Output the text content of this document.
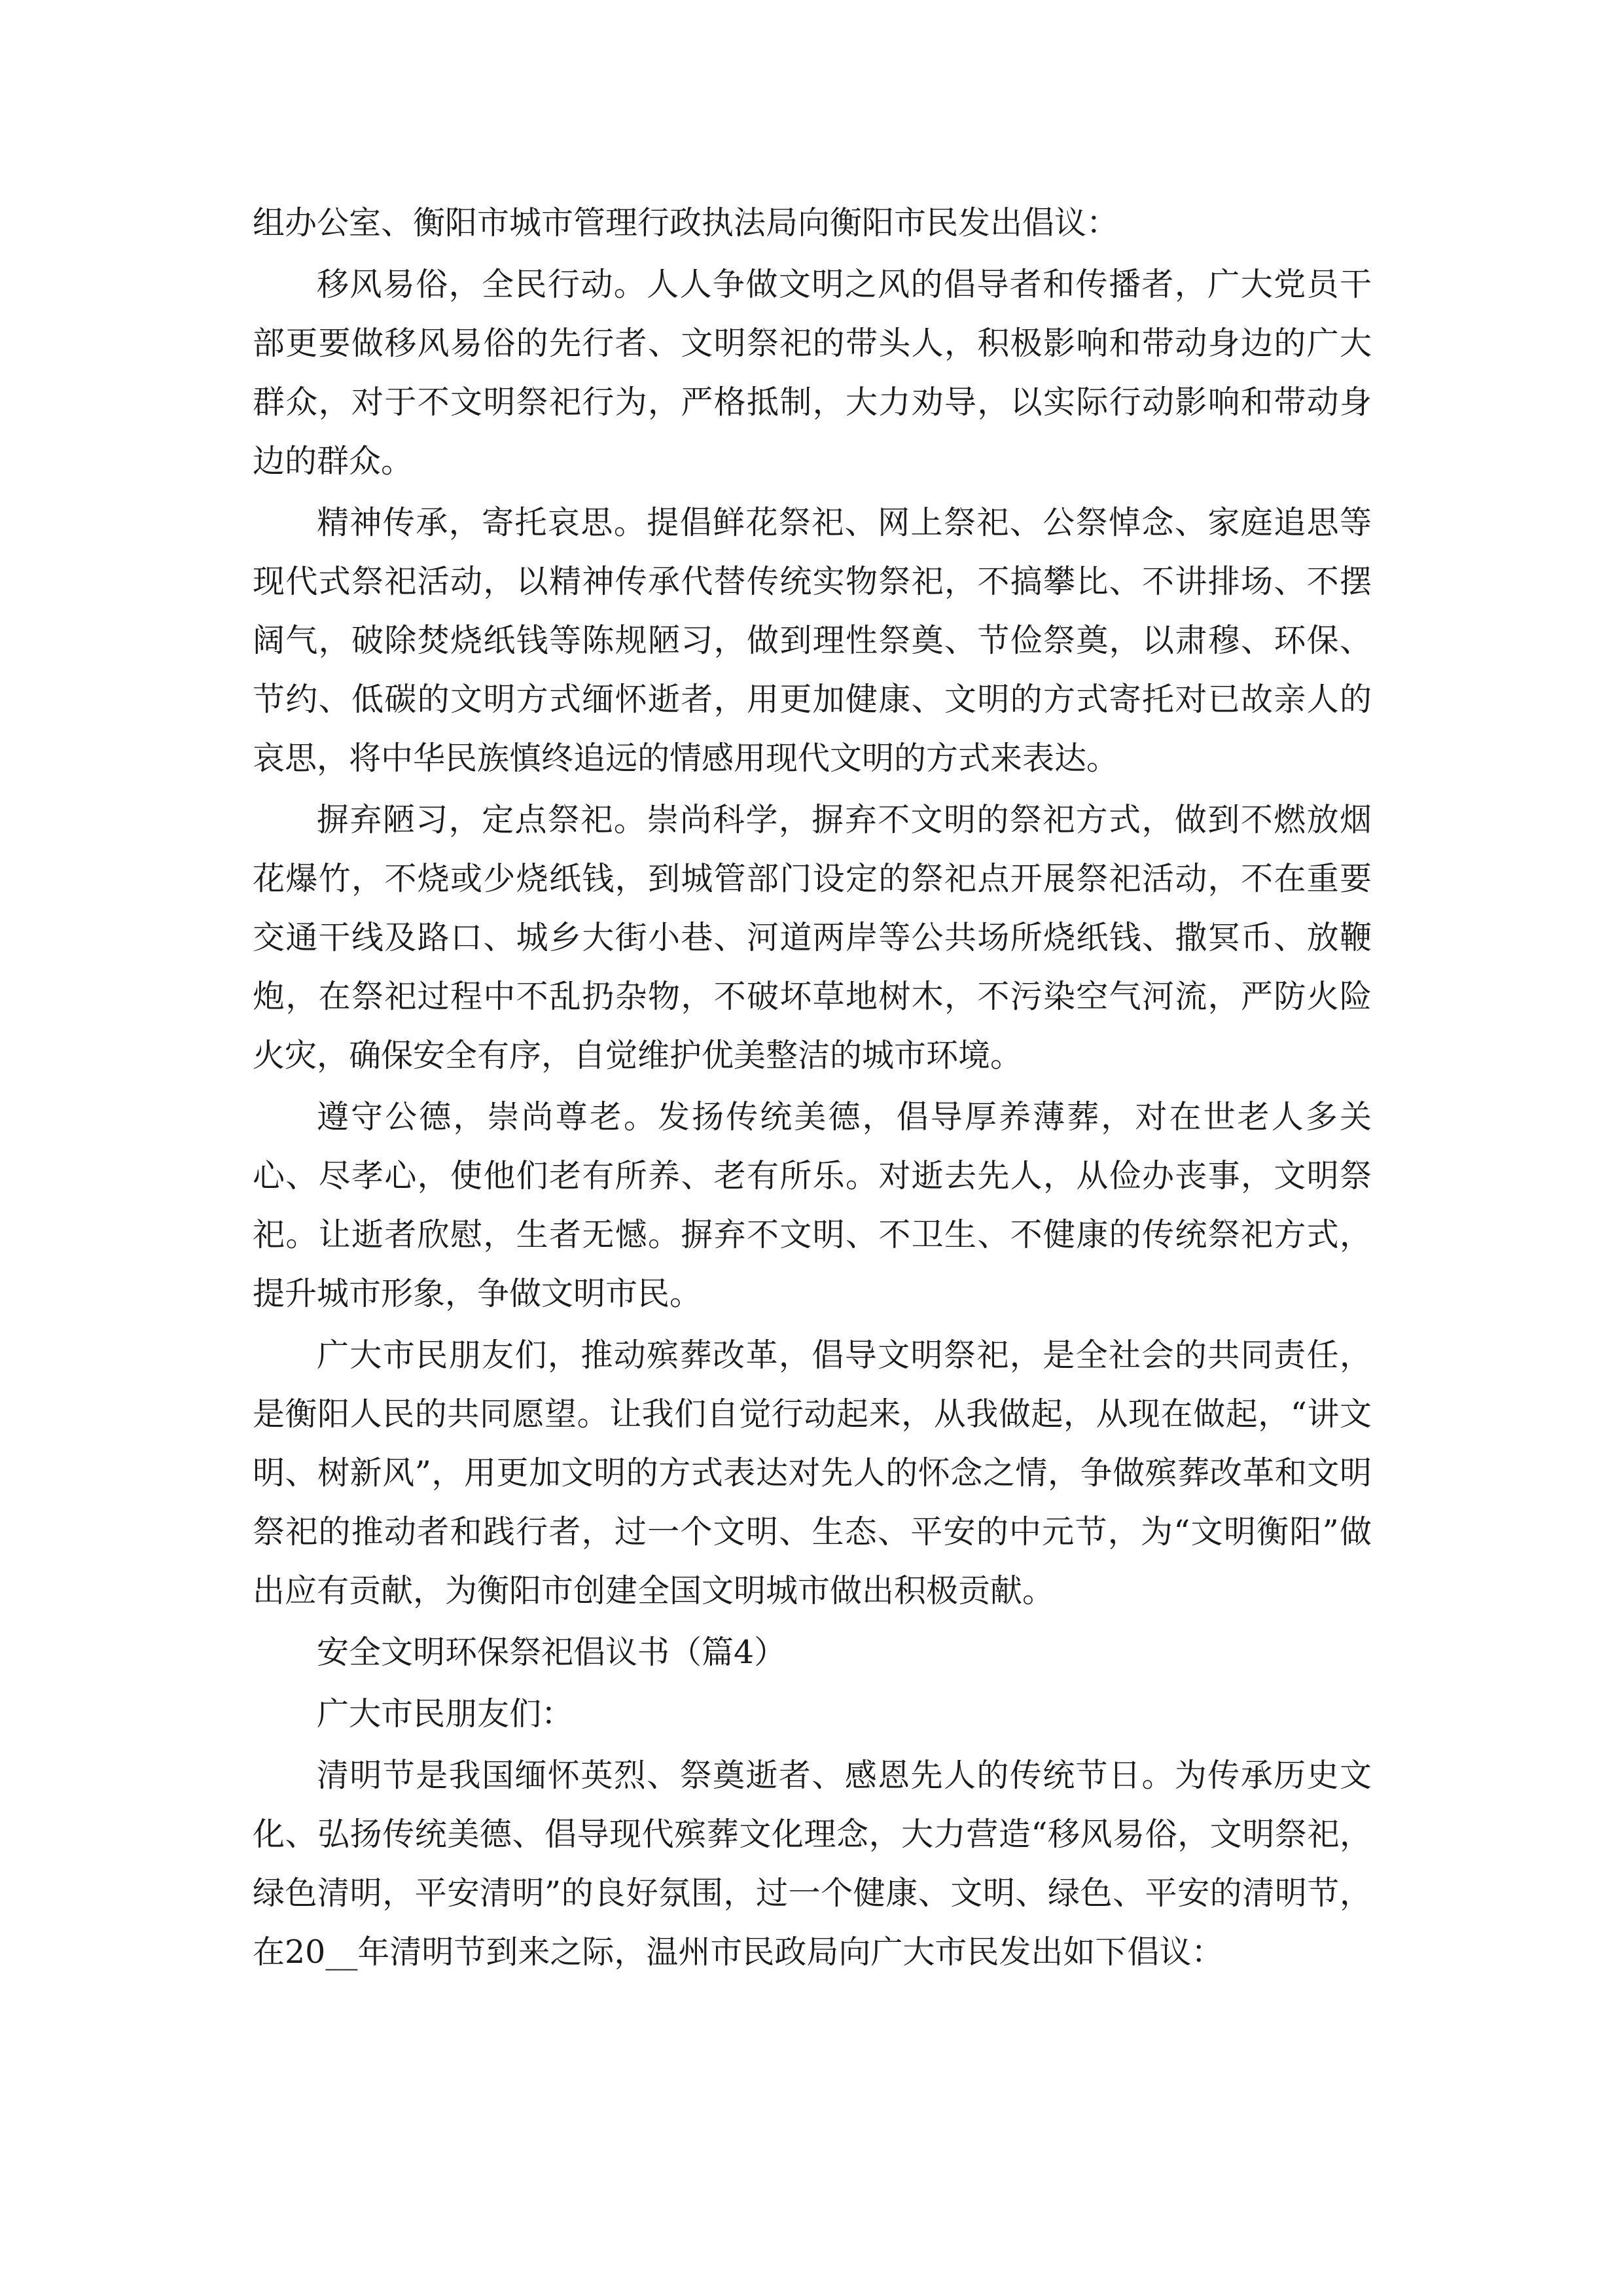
组办公室、衡阳市城市管理行政执法局向衡阳市民发出倡议：

移风易俗，全民行动。人人争做文明之风的倡导者和传播者，广大党员干部更要做移风易俗的先行者、文明祭祀的带头人，积极影响和带动身边的广大群众，对于不文明祭祀行为，严格抵制，大力劝导，以实际行动影响和带动身边的群众。

精神传承，寄托哀思。提倡鲜花祭祀、网上祭祀、公祭悼念、家庭追思等现代式祭祀活动，以精神传承代替传统实物祭祀，不搞攀比、不讲排场、不摆阔气，破除焚烧纸钱等陈规陋习，做到理性祭奠、节俭祭奠，以肃穆、环保、节约、低碳的文明方式缅怀逝者，用更加健康、文明的方式寄托对已故亲人的哀思，将中华民族慎终追远的情感用现代文明的方式来表达。

摒弃陋习，定点祭祀。崇尚科学，摒弃不文明的祭祀方式，做到不燃放烟花爆竹，不烧或少烧纸钱，到城管部门设定的祭祀点开展祭祀活动，不在重要交通干线及路口、城乡大街小巷、河道两岸等公共场所烧纸钱、撒冥币、放鞭炮，在祭祀过程中不乱扔杂物，不破坏草地树木，不污染空气河流，严防火险火灾，确保安全有序，自觉维护优美整洁的城市环境。

遵守公德，崇尚尊老。发扬传统美德，倡导厚养薄葬，对在世老人多关心、尽孝心，使他们老有所养、老有所乐。对逝去先人，从俭办丧事，文明祭祀。让逝者欣慰，生者无憾。摒弃不文明、不卫生、不健康的传统祭祀方式，提升城市形象，争做文明市民。

广大市民朋友们，推动殡葬改革，倡导文明祭祀，是全社会的共同责任，是衡阳人民的共同愿望。让我们自觉行动起来，从我做起，从现在做起，“讲文明、树新风”，用更加文明的方式表达对先人的怀念之情，争做殡葬改革和文明祭祀的推动者和践行者，过一个文明、生态、平安的中元节，为“文明衡阳”做出应有贡献，为衡阳市创建全国文明城市做出积极贡献。

安全文明环保祭祀倡议书（篇4）

广大市民朋友们：

清明节是我国缅怀英烈、祭奠逝者、感恩先人的传统节日。为传承历史文化、弘扬传统美德、倡导现代殡葬文化理念，大力营造“移风易俗，文明祭祀，绿色清明，平安清明”的良好氛围，过一个健康、文明、绿色、平安的清明节，在20__年清明节到来之际，温州市民政局向广大市民发出如下倡议：
